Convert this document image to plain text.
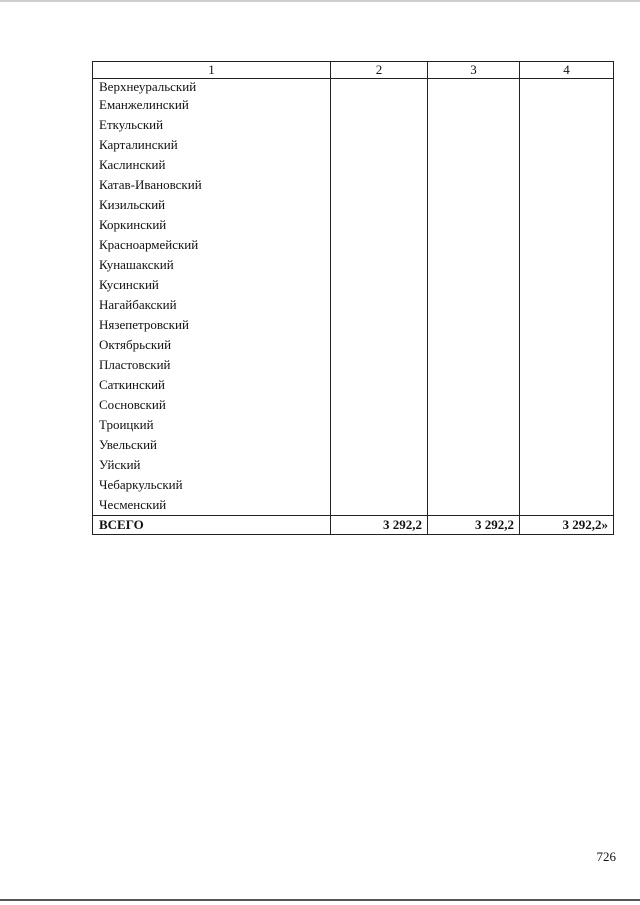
1	2	3	4
Верхнеуральский			
Еманжелинский			
Еткульский			
Карталинский			
Каслинский			
Катав-Ивановский			
Кизильский			
Коркинский			
Красноармейский			
Кунашакский			
Кусинский			
Нагайбакский			
Нязепетровский			
Октябрьский			
Пластовский			
Саткинский			
Сосновский			
Троицкий			
Увельский			
Уйский			
Чебаркульский			
Чесменский			
ВСЕГО	3 292,2	3 292,2	3 292,2»
726
